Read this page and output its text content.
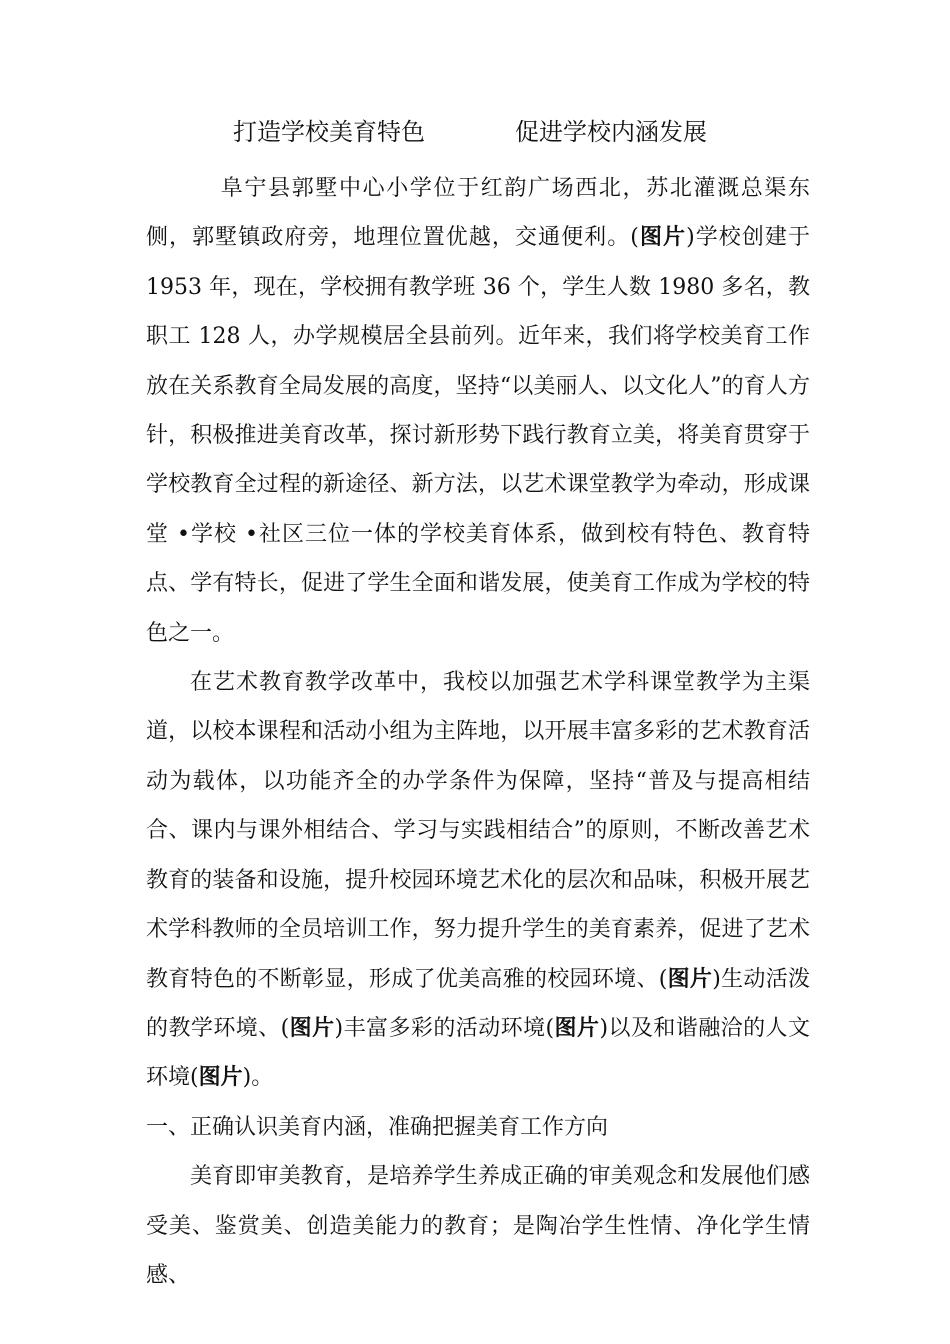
打造学校美育特色	促进学校内涵发展

阜宁县郭墅中心小学位于红韵广场西北，苏北灌溉总渠东侧，郭墅镇政府旁，地理位置优越，交通便利。(图片)学校创建于 1953 年，现在，学校拥有教学班 36 个，学生人数 1980 多名，教职工 128 人，办学规模居全县前列。近年来，我们将学校美育工作放在关系教育全局发展的高度，坚持“以美丽人、以文化人”的育人方针，积极推进美育改革，探讨新形势下践行教育立美，将美育贯穿于学校教育全过程的新途径、新方法，以艺术课堂教学为牵动，形成课堂 •学校 •社区三位一体的学校美育体系，做到校有特色、教育特点、学有特长，促进了学生全面和谐发展，使美育工作成为学校的特色之一。

在艺术教育教学改革中，我校以加强艺术学科课堂教学为主渠道，以校本课程和活动小组为主阵地，以开展丰富多彩的艺术教育活动为载体，以功能齐全的办学条件为保障，坚持“普及与提高相结合、课内与课外相结合、学习与实践相结合”的原则，不断改善艺术教育的装备和设施，提升校园环境艺术化的层次和品味，积极开展艺术学科教师的全员培训工作，努力提升学生的美育素养，促进了艺术教育特色的不断彰显，形成了优美高雅的校园环境、(图片)生动活泼的教学环境、(图片)丰富多彩的活动环境(图片)以及和谐融洽的人文环境(图片)。

一、正确认识美育内涵，准确把握美育工作方向

美育即审美教育，是培养学生养成正确的审美观念和发展他们感受美、鉴赏美、创造美能力的教育；是陶冶学生性情、净化学生情感、
